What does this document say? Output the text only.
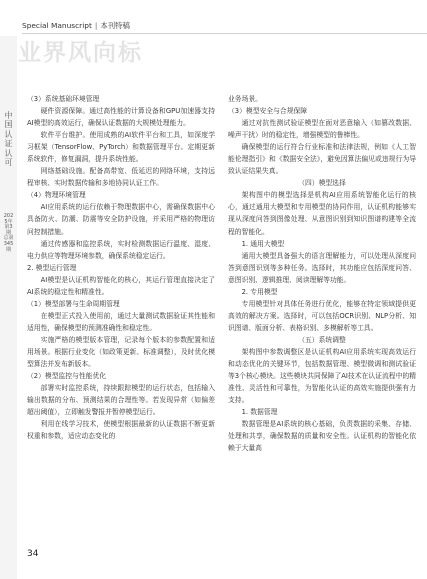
Special Manuscript | 本刊特稿
业界风向标
中国认证认可
2025年第3期 总第345期

（3）系统基础环境管理

硬件资源保障。通过高性能的计算设备和GPU加速器支持AI模型的高效运行，确保认证数据的大规模处理能力。

软件平台维护。使用成熟的AI软件平台和工具，如深度学习框架（TensorFlow、PyTorch）和数据管理平台。定期更新系统软件，修复漏洞，提升系统性能。

网络基础设施。配备高带宽、低延迟的网络环境，支持远程审核、实时数据传输和多地协同认证工作。

（4）物理环境管理

AI应用系统的运行依赖于物理数据中心，需确保数据中心具备防火、防潮、防震等安全防护设施，并采用严格的物理访问控制措施。

通过传感器和监控系统，实时检测数据运行温度、湿度、电力供应等物理环境参数，确保系统稳定运行。

2. 模型运行管理

AI模型是认证机构智能化的核心，其运行管理直接决定了AI系统的稳定性和精准性。

（1）模型部署与生命周期管理

在模型正式投入使用前，通过大量测试数据验证其性能和适用性，确保模型的预测准确性和稳定性。

实施严格的模型版本管理，记录每个版本的参数配置和适用场景。根据行业变化（如政策更新、标准调整），及时优化模型算法并发布新版本。

（2）模型监控与性能优化

部署实时监控系统，持续跟踪模型的运行状态，包括输入输出数据的分布、预测结果的合理性等。若发现异常（如偏差超出阈值），立即触发警报并暂停模型运行。

利用在线学习技术，使模型根据最新的认证数据不断更新权重和参数，适应动态变化的

业务场景。

（3）模型安全与合规保障

通过对抗性测试验证模型在面对恶意输入（如篡改数据、噪声干扰）时的稳定性，增强模型的鲁棒性。

确保模型的运行符合行业标准和法律法规，例如《人工智能伦理指引》和《数据安全法》，避免因算法偏见或违规行为导致认证结果失真。

（四）模型选择

架构图中的模型选择是机构AI应用系统智能化运行的核心，通过通用大模型和专用模型的协同作用，认证机构能够实现从深度问答到图像处理、从意图识别到知识图谱构建等全流程的智能化。

1. 通用大模型

通用大模型具备强大的语言理解能力，可以处理从深度问答到意图识别等多种任务。选择时，其功能应包括深度问答、意图识别、逻辑推理、阅读理解等功能。

2. 专用模型

专用模型针对具体任务进行优化，能够在特定领域提供更高效的解决方案。选择时，可以包括OCR识别、NLP分析、知识图谱、版面分析、表格识别、多模解析等工具。

（五）系统调整

架构图中参数调整区是认证机构AI应用系统实现高效运行和动态优化的关键环节，包括数据管理、模型微调和测试验证等3个核心模块。这些模块共同保障了AI技术在认证流程中的精准性、灵活性和可靠性，为智能化认证的高效实施提供强有力支持。

1. 数据管理

数据管理是AI系统的核心基础，负责数据的采集、存储、处理和共享，确保数据的质量和安全性。认证机构的智能化依赖于大量高

34
